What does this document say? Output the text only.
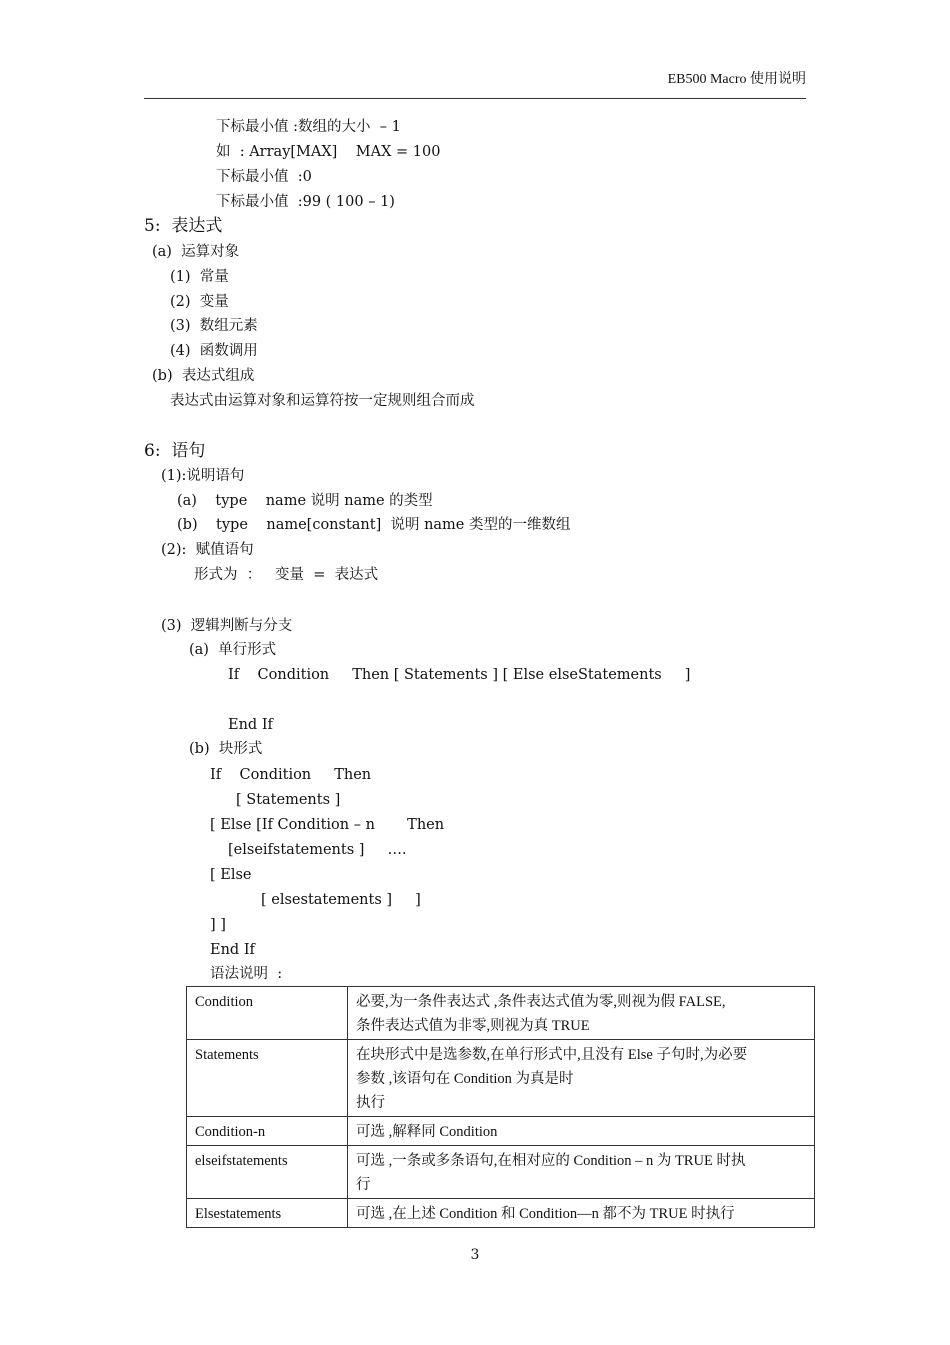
EB500 Macro 使用说明
下标最小值 :数组的大小  – 1
如  : Array[MAX]    MAX = 100
下标最小值  :0
下标最小值  :99 ( 100 – 1)
5:  表达式
(a)  运算对象
(1)  常量
(2)  变量
(3)  数组元素
(4)  函数调用
(b)  表达式组成
表达式由运算对象和运算符按一定规则组合而成
6:  语句
(1):说明语句
(a)    type    name 说明 name 的类型
(b)    type    name[constant]  说明 name 类型的一维数组
(2):  赋值语句
形式为  ：   变量  =  表达式
(3)  逻辑判断与分支
(a)  单行形式
If    Condition     Then [ Statements ] [ Else elseStatements     ]
End If
(b)  块形式
If    Condition     Then
[ Statements ]
[ Else [If Condition – n       Then
[elseifstatements ]     ….
[ Else
[ elsestatements ]     ]
] ]
End If
语法说明  :
Condition	必要,为一条件表达式 ,条件表达式值为零,则视为假 FALSE,
条件表达式值为非零,则视为真 TRUE

Statements	在块形式中是选参数,在单行形式中,且没有 Else 子句时,为必要
参数 ,该语句在 Condition 为真是时
执行

Condition-n	可选 ,解释同 Condition

elseifstatements	可选 ,一条或多条语句,在相对应的 Condition – n 为 TRUE 时执
行

Elsestatements	可选 ,在上述 Condition 和 Condition—n 都不为 TRUE 时执行
3
